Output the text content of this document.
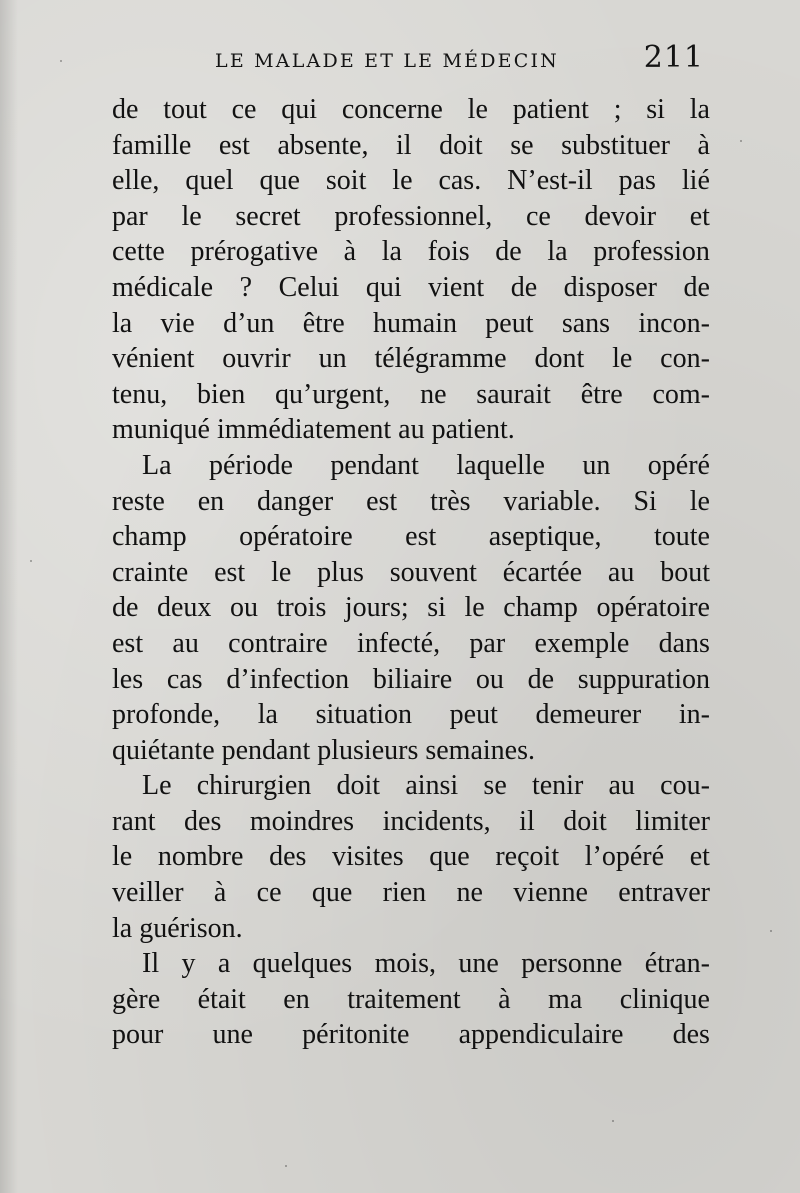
LE MALADE ET LE MÉDECIN	211
de tout ce qui concerne le patient ; si la
famille est absente, il doit se substituer à
elle, quel que soit le cas. N’est-il pas lié
par le secret professionnel, ce devoir et
cette prérogative à la fois de la profession
médicale ? Celui qui vient de disposer de
la vie d’un être humain peut sans incon-
vénient ouvrir un télégramme dont le con-
tenu, bien qu’urgent, ne saurait être com-
muniqué immédiatement au patient.
La période pendant laquelle un opéré
reste en danger est très variable. Si le
champ opératoire est aseptique, toute
crainte est le plus souvent écartée au bout
de deux ou trois jours; si le champ opératoire
est au contraire infecté, par exemple dans
les cas d’infection biliaire ou de suppuration
profonde, la situation peut demeurer in-
quiétante pendant plusieurs semaines.
Le chirurgien doit ainsi se tenir au cou-
rant des moindres incidents, il doit limiter
le nombre des visites que reçoit l’opéré et
veiller à ce que rien ne vienne entraver
la guérison.
Il y a quelques mois, une personne étran-
gère était en traitement à ma clinique
pour une péritonite appendiculaire des
